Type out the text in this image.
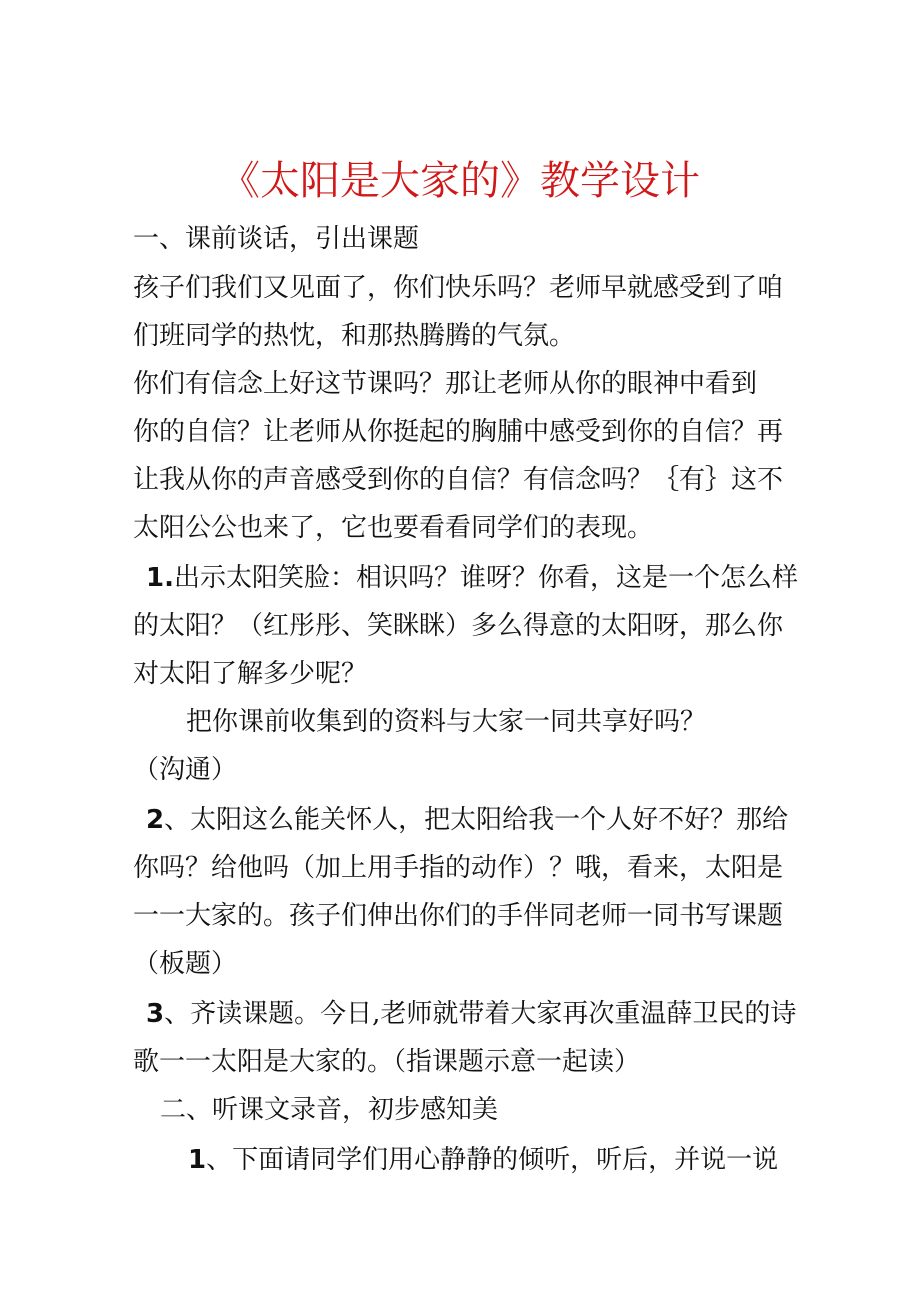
《太阳是大家的》教学设计
一、课前谈话，引出课题
孩子们我们又见面了，你们快乐吗？老师早就感受到了咱
们班同学的热忱，和那热腾腾的气氛。
你们有信念上好这节课吗？那让老师从你的眼神中看到
你的自信？让老师从你挺起的胸脯中感受到你的自信？再
让我从你的声音感受到你的自信？有信念吗？｛有｝这不
太阳公公也来了，它也要看看同学们的表现。
1.出示太阳笑脸：相识吗？谁呀？你看，这是一个怎么样
的太阳？（红彤彤、笑眯眯）多么得意的太阳呀，那么你
对太阳了解多少呢？
把你课前收集到的资料与大家一同共享好吗？
（沟通）
2、太阳这么能关怀人，把太阳给我一个人好不好？那给
你吗？给他吗（加上用手指的动作）？哦，看来，太阳是
一一大家的。孩子们伸出你们的手伴同老师一同书写课题
（板题）
3、齐读课题。今日,老师就带着大家再次重温薛卫民的诗
歌一一太阳是大家的。（指课题示意一起读）
二、听课文录音，初步感知美
1、下面请同学们用心静静的倾听，听后，并说一说
